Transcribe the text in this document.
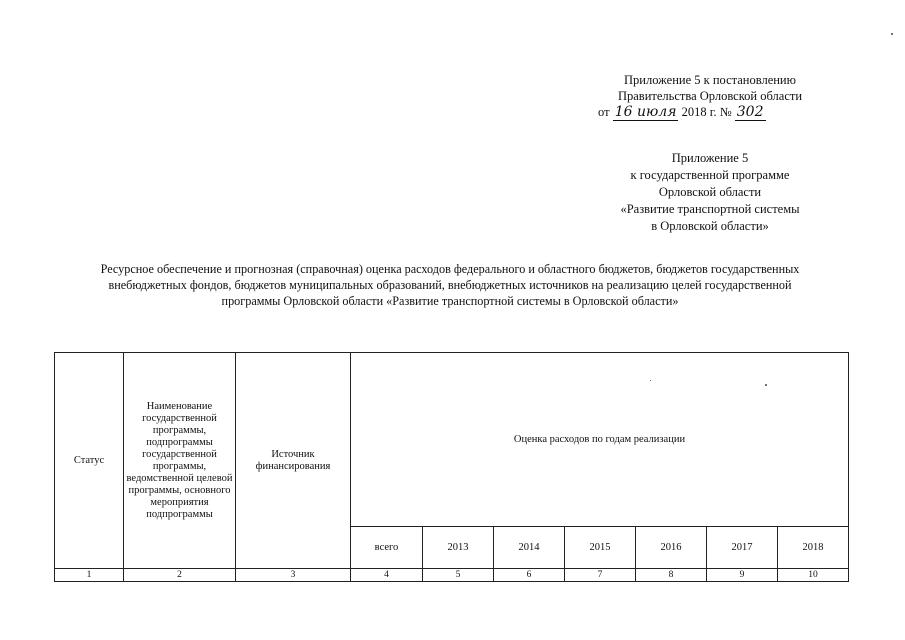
Приложение 5 к постановлению
Правительства Орловской области
от 16 июля 2018 г. № 302
Приложение 5
к государственной программе
Орловской области
«Развитие транспортной системы
в Орловской области»
Ресурсное обеспечение и прогнозная (справочная) оценка расходов федерального и областного бюджетов, бюджетов государственных
внебюджетных фондов, бюджетов муниципальных образований, внебюджетных источников на реализацию целей государственной
программы Орловской области «Развитие транспортной системы в Орловской области»
Статус	Наименование государственной программы, подпрограммы государственной программы, ведомственной целевой программы, основного мероприятия подпрограммы	Источник финансирования	Оценка расходов по годам реализации						
			всего	2013	2014	2015	2016	2017	2018
1	2	3	4	5	6	7	8	9	10
